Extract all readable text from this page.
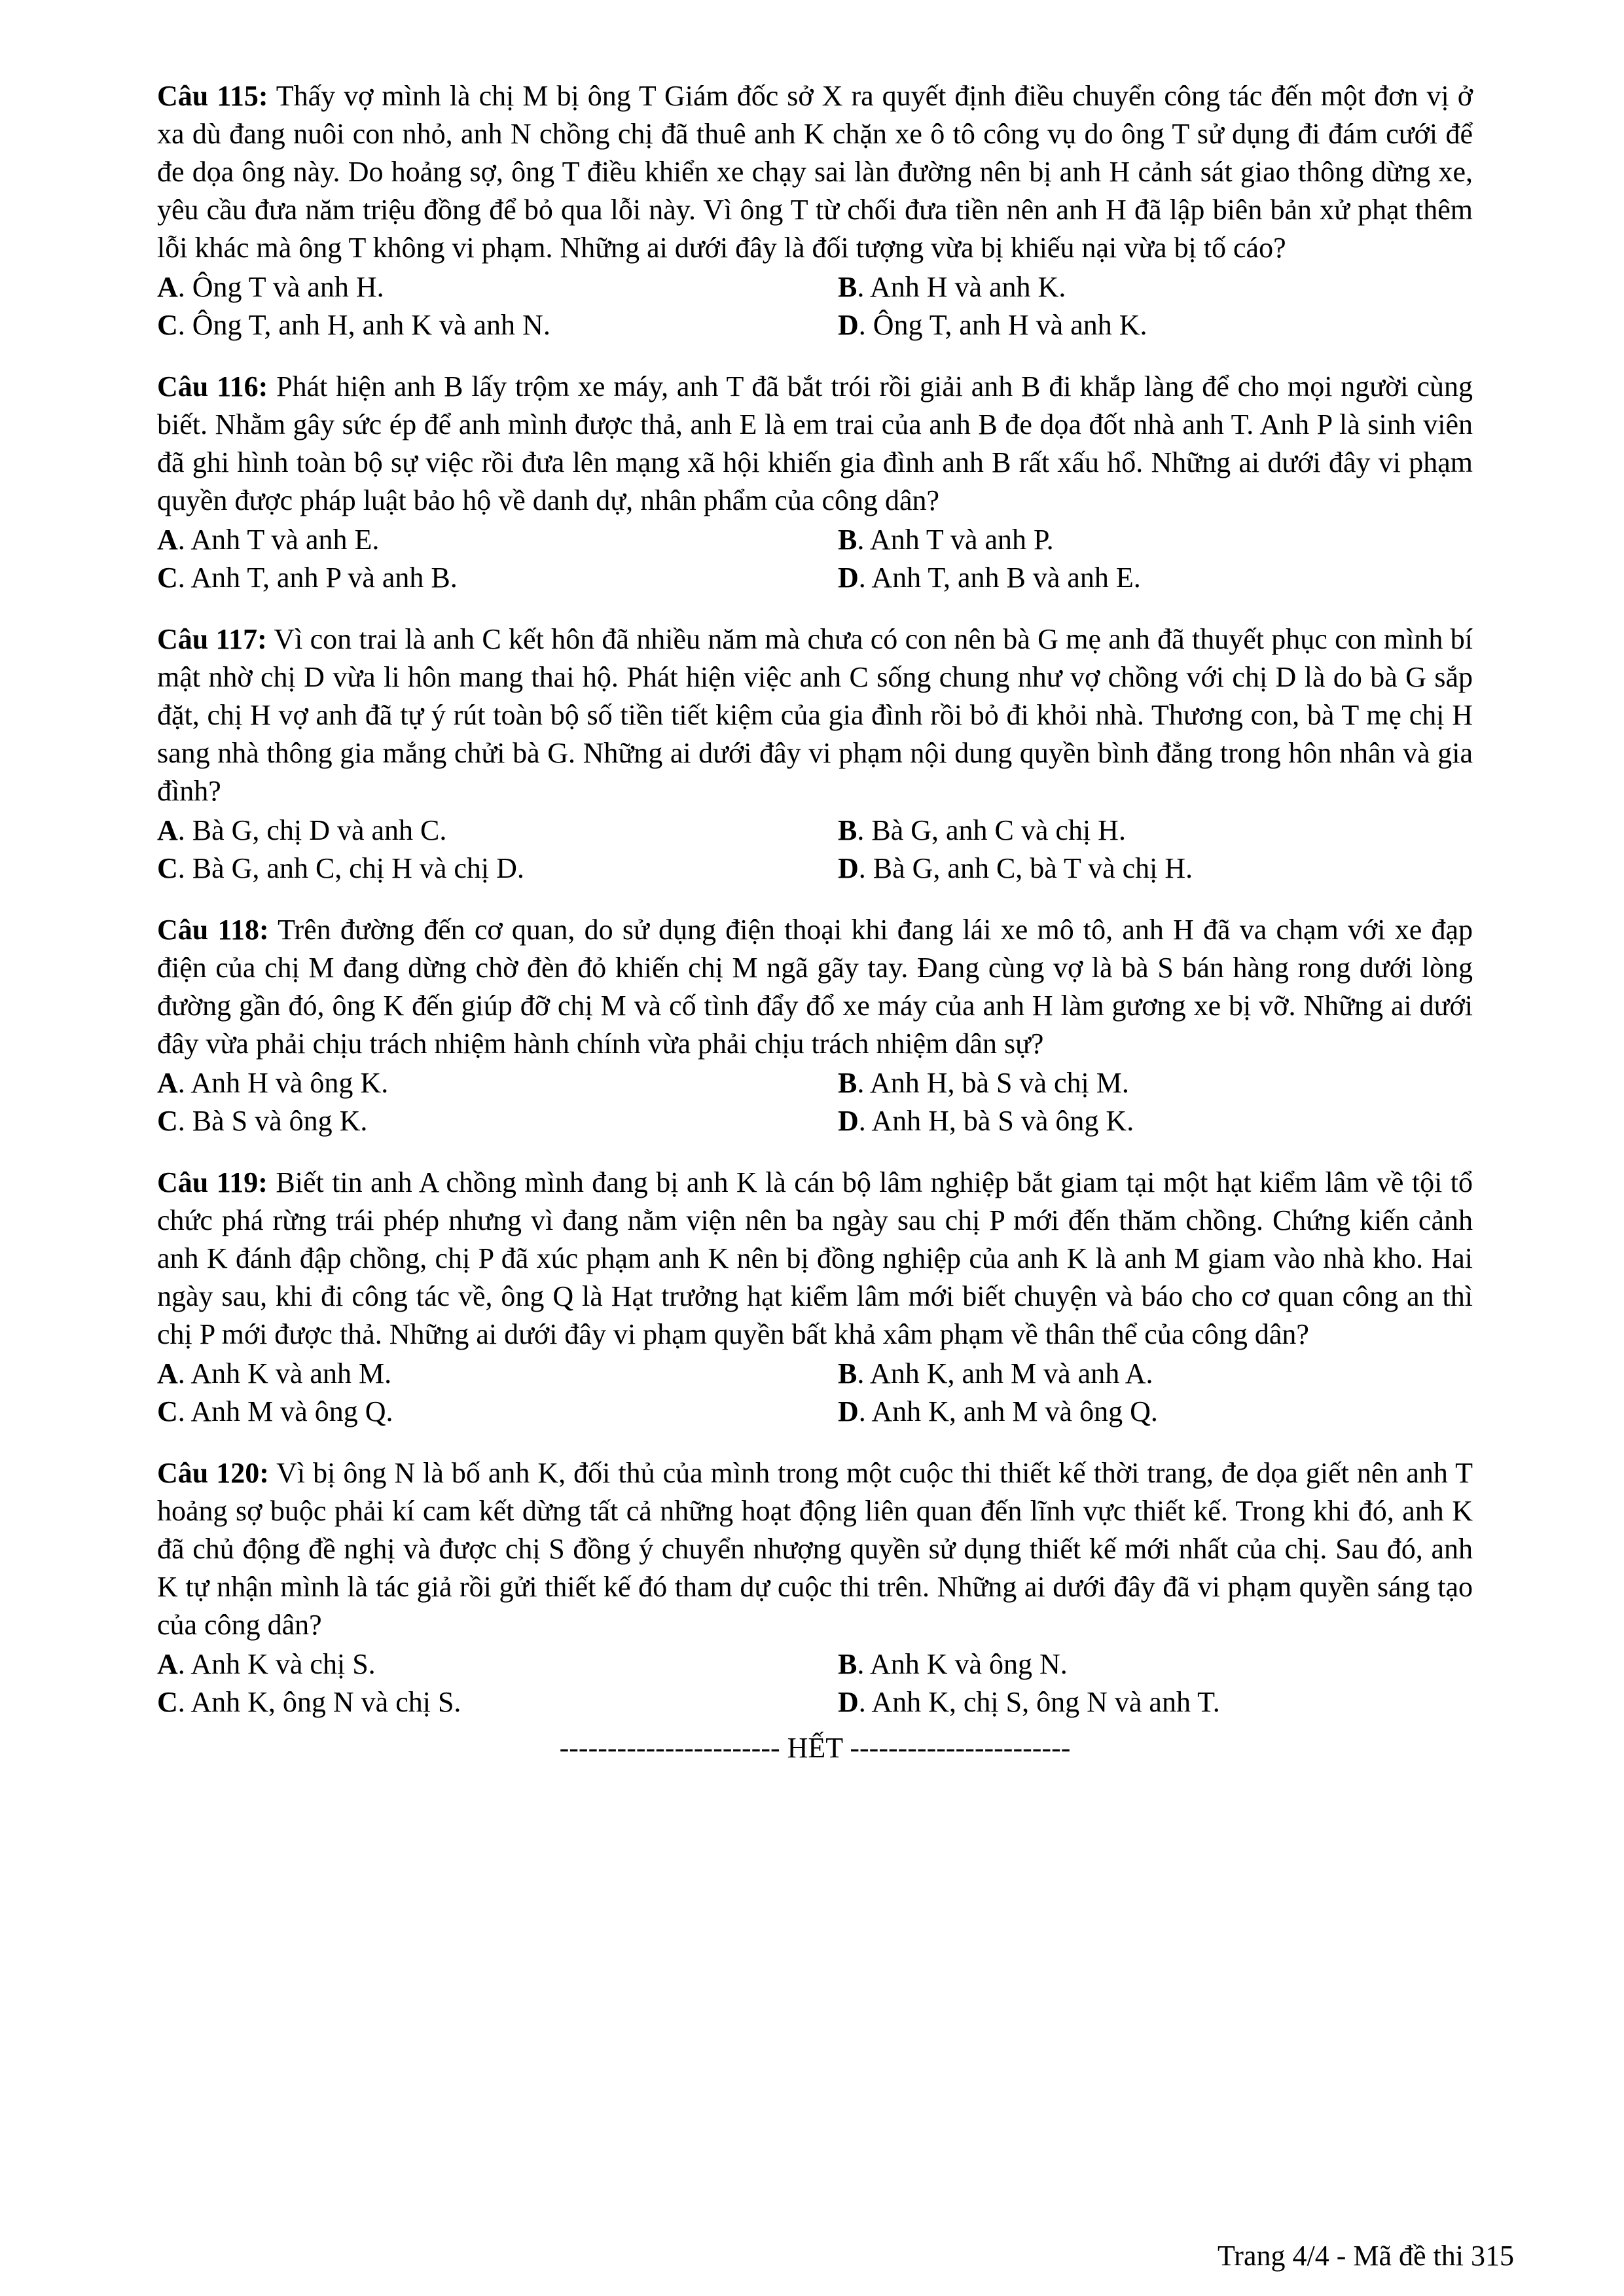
Câu 115: Thấy vợ mình là chị M bị ông T Giám đốc sở X ra quyết định điều chuyển công tác đến một đơn vị ở xa dù đang nuôi con nhỏ, anh N chồng chị đã thuê anh K chặn xe ô tô công vụ do ông T sử dụng đi đám cưới để đe dọa ông này. Do hoảng sợ, ông T điều khiển xe chạy sai làn đường nên bị anh H cảnh sát giao thông dừng xe, yêu cầu đưa năm triệu đồng để bỏ qua lỗi này. Vì ông T từ chối đưa tiền nên anh H đã lập biên bản xử phạt thêm lỗi khác mà ông T không vi phạm. Những ai dưới đây là đối tượng vừa bị khiếu nại vừa bị tố cáo?

A. Ông T và anh H.	B. Anh H và anh K.
C. Ông T, anh H, anh K và anh N.	D. Ông T, anh H và anh K.

Câu 116: Phát hiện anh B lấy trộm xe máy, anh T đã bắt trói rồi giải anh B đi khắp làng để cho mọi người cùng biết. Nhằm gây sức ép để anh mình được thả, anh E là em trai của anh B đe dọa đốt nhà anh T. Anh P là sinh viên đã ghi hình toàn bộ sự việc rồi đưa lên mạng xã hội khiến gia đình anh B rất xấu hổ. Những ai dưới đây vi phạm quyền được pháp luật bảo hộ về danh dự, nhân phẩm của công dân?

A. Anh T và anh E.	B. Anh T và anh P.
C. Anh T, anh P và anh B.	D. Anh T, anh B và anh E.

Câu 117: Vì con trai là anh C kết hôn đã nhiều năm mà chưa có con nên bà G mẹ anh đã thuyết phục con mình bí mật nhờ chị D vừa li hôn mang thai hộ. Phát hiện việc anh C sống chung như vợ chồng với chị D là do bà G sắp đặt, chị H vợ anh đã tự ý rút toàn bộ số tiền tiết kiệm của gia đình rồi bỏ đi khỏi nhà. Thương con, bà T mẹ chị H sang nhà thông gia mắng chửi bà G. Những ai dưới đây vi phạm nội dung quyền bình đẳng trong hôn nhân và gia đình?

A. Bà G, chị D và anh C.	B. Bà G, anh C và chị H.
C. Bà G, anh C, chị H và chị D.	D. Bà G, anh C, bà T và chị H.

Câu 118: Trên đường đến cơ quan, do sử dụng điện thoại khi đang lái xe mô tô, anh H đã va chạm với xe đạp điện của chị M đang dừng chờ đèn đỏ khiến chị M ngã gãy tay. Đang cùng vợ là bà S bán hàng rong dưới lòng đường gần đó, ông K đến giúp đỡ chị M và cố tình đẩy đổ xe máy của anh H làm gương xe bị vỡ. Những ai dưới đây vừa phải chịu trách nhiệm hành chính vừa phải chịu trách nhiệm dân sự?

A. Anh H và ông K.	B. Anh H, bà S và chị M.
C. Bà S và ông K.	D. Anh H, bà S và ông K.

Câu 119: Biết tin anh A chồng mình đang bị anh K là cán bộ lâm nghiệp bắt giam tại một hạt kiểm lâm về tội tổ chức phá rừng trái phép nhưng vì đang nằm viện nên ba ngày sau chị P mới đến thăm chồng. Chứng kiến cảnh anh K đánh đập chồng, chị P đã xúc phạm anh K nên bị đồng nghiệp của anh K là anh M giam vào nhà kho. Hai ngày sau, khi đi công tác về, ông Q là Hạt trưởng hạt kiểm lâm mới biết chuyện và báo cho cơ quan công an thì chị P mới được thả. Những ai dưới đây vi phạm quyền bất khả xâm phạm về thân thể của công dân?

A. Anh K và anh M.	B. Anh K, anh M và anh A.
C. Anh M và ông Q.	D. Anh K, anh M và ông Q.

Câu 120: Vì bị ông N là bố anh K, đối thủ của mình trong một cuộc thi thiết kế thời trang, đe dọa giết nên anh T hoảng sợ buộc phải kí cam kết dừng tất cả những hoạt động liên quan đến lĩnh vực thiết kế. Trong khi đó, anh K đã chủ động đề nghị và được chị S đồng ý chuyển nhượng quyền sử dụng thiết kế mới nhất của chị. Sau đó, anh K tự nhận mình là tác giả rồi gửi thiết kế đó tham dự cuộc thi trên. Những ai dưới đây đã vi phạm quyền sáng tạo của công dân?

A. Anh K và chị S.	B. Anh K và ông N.
C. Anh K, ông N và chị S.	D. Anh K, chị S, ông N và anh T.
----------------------- HẾT -----------------------
Trang 4/4 - Mã đề thi 315
